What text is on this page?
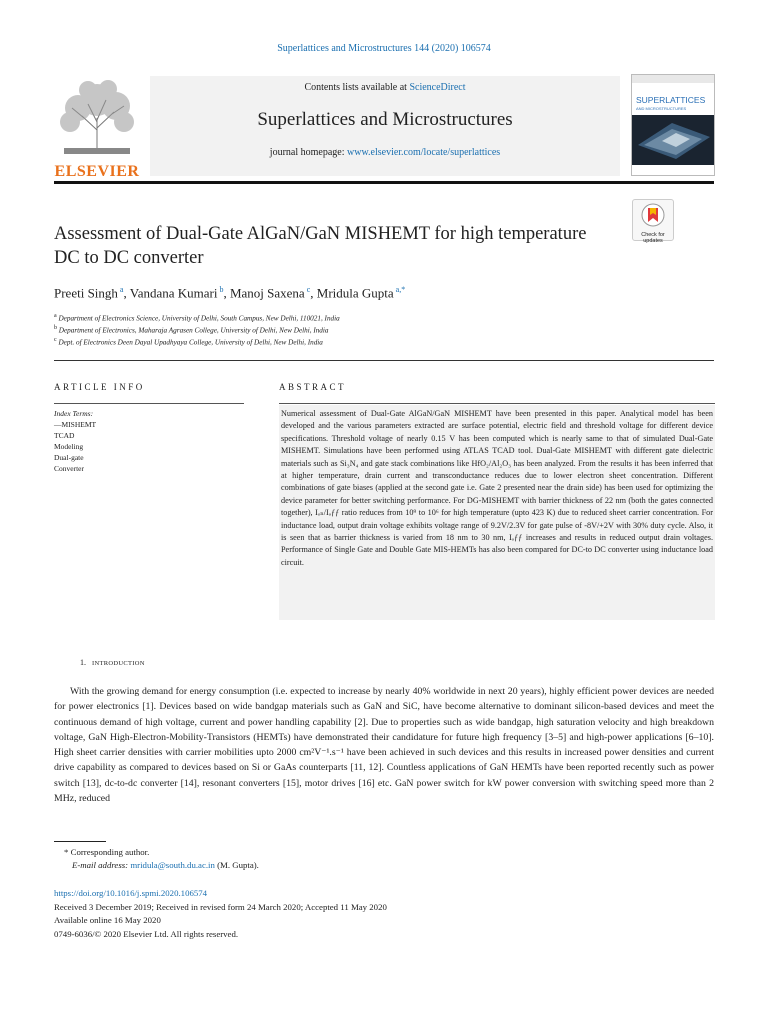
Superlattices and Microstructures 144 (2020) 106574
ELSEVIER
Contents lists available at ScienceDirect
Superlattices and Microstructures
journal homepage: www.elsevier.com/locate/superlattices
SUPERLATTICES
AND MICROSTRUCTURES
Assessment of Dual-Gate AlGaN/GaN MISHEMT for high temperature DC to DC converter
Check for updates
Preeti Singh $^a$, Vandana Kumari $^b$, Manoj Saxena $^c$, Mridula Gupta $^{a,*}$
$^a$ Department of Electronics Science, University of Delhi, South Campus, New Delhi, 110021, India
$^b$ Department of Electronics, Maharaja Agrasen College, University of Delhi, New Delhi, India
$^c$ Dept. of Electronics Deen Dayal Upadhyaya College, University of Delhi, New Delhi, India
ARTICLE INFO
Index Terms:
—MISHEMT
TCAD
Modeling
Dual-gate
Converter
ABSTRACT
Numerical assessment of Dual-Gate AlGaN/GaN MISHEMT have been presented in this paper. Analytical model has been developed and the various parameters extracted are surface potential, electric field and threshold voltage for different device specifications. Threshold voltage of nearly 0.15 V has been computed which is nearly same to that of simulated Dual-Gate MISHEMT. Simulations have been performed using ATLAS TCAD tool. Dual-Gate MISHEMT with different gate dielectric materials such as Si₃N₄ and gate stack combinations like HfO₂/Al₂O₃ has been analyzed. From the results it has been inferred that at higher temperature, drain current and transconductance reduces due to lower electron sheet concentration. Different combinations of gate biases (applied at the second gate i.e. Gate 2 presented near the drain side) has been used for optimizing the device parameter for better switching performance. For DG-MISHEMT with barrier thickness of 22 nm (both the gates connected together), Iₒₙ/Iₒƒƒ ratio reduces from 10⁹ to 10⁶ for high temperature (upto 423 K) due to reduced sheet carrier concentration. For inductance load, output drain voltage exhibits voltage range of 9.2V/2.3V for gate pulse of -8V/+2V with 30% duty cycle. Also, it is seen that as barrier thickness is varied from 18 nm to 30 nm, Iₒƒƒ increases and results in reduced output drain voltages. Performance of Single Gate and Double Gate MIS-HEMTs has also been compared for DC-to DC converter using inductance load circuit.
1. INTRODUCTION
With the growing demand for energy consumption (i.e. expected to increase by nearly 40% worldwide in next 20 years), highly efficient power devices are needed for power electronics [1]. Devices based on wide bandgap materials such as GaN and SiC, have become alternative to dominant silicon-based devices and meet the continuous demand of high voltage, current and power handling capability [2]. Due to properties such as wide bandgap, high saturation velocity and high breakdown voltage, GaN High-Electron-Mobility-Transistors (HEMTs) have demonstrated their candidature for future high frequency [3–5] and high-power applications [6–10]. High sheet carrier densities with carrier mobilities upto 2000 cm²V⁻¹.s⁻¹ have been achieved in such devices and this results in increased power densities and current drive capability as compared to devices based on Si or GaAs counterparts [11, 12]. Countless applications of GaN HEMTs have been reported recently such as power switch [13], dc-to-dc converter [14], resonant converters [15], motor drives [16] etc. GaN power switch for kW power conversion with switching speed more than 2 MHz, reduced
* Corresponding author.
E-mail address: mridula@south.du.ac.in (M. Gupta).
https://doi.org/10.1016/j.spmi.2020.106574
Received 3 December 2019; Received in revised form 24 March 2020; Accepted 11 May 2020
Available online 16 May 2020
0749-6036/© 2020 Elsevier Ltd. All rights reserved.
